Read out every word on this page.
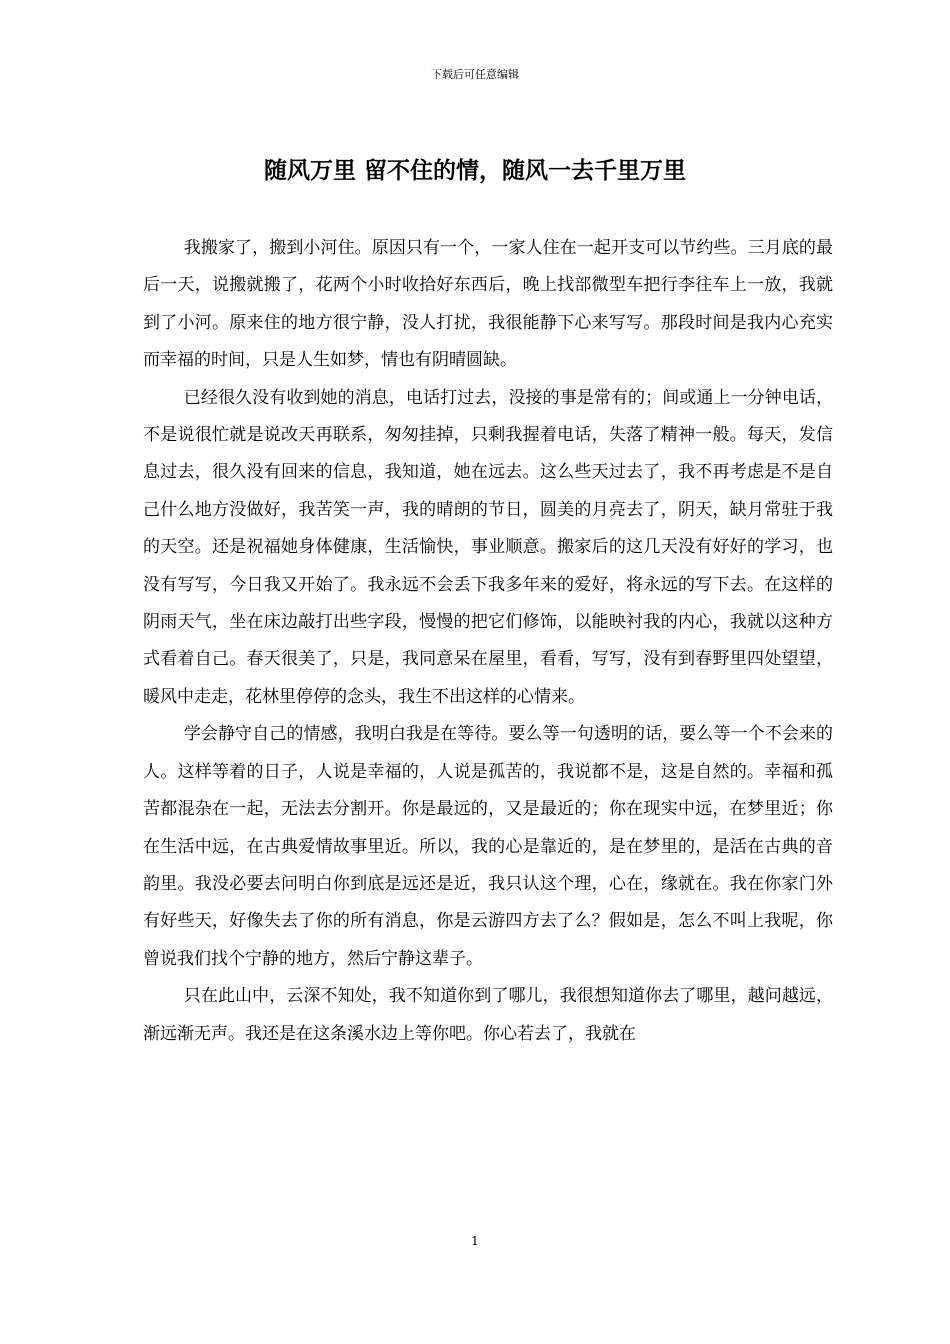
下载后可任意编辑
随风万里 留不住的情，随风一去千里万里

我搬家了，搬到小河住。原因只有一个，一家人住在一起开支可以节约些。三月底的最后一天，说搬就搬了，花两个小时收拾好东西后，晚上找部微型车把行李往车上一放，我就到了小河。原来住的地方很宁静，没人打扰，我很能静下心来写写。那段时间是我内心充实而幸福的时间，只是人生如梦，情也有阴晴圆缺。

已经很久没有收到她的消息，电话打过去，没接的事是常有的；间或通上一分钟电话，不是说很忙就是说改天再联系，匆匆挂掉，只剩我握着电话，失落了精神一般。每天，发信息过去，很久没有回来的信息，我知道，她在远去。这么些天过去了，我不再考虑是不是自己什么地方没做好，我苦笑一声，我的晴朗的节日，圆美的月亮去了，阴天，缺月常驻于我的天空。还是祝福她身体健康，生活愉快，事业顺意。搬家后的这几天没有好好的学习，也没有写写，今日我又开始了。我永远不会丢下我多年来的爱好，将永远的写下去。在这样的阴雨天气，坐在床边敲打出些字段，慢慢的把它们修饰，以能映衬我的内心，我就以这种方式看着自己。春天很美了，只是，我同意呆在屋里，看看，写写，没有到春野里四处望望，暖风中走走，花林里停停的念头，我生不出这样的心情来。

学会静守自己的情感，我明白我是在等待。要么等一句透明的话，要么等一个不会来的人。这样等着的日子，人说是幸福的，人说是孤苦的，我说都不是，这是自然的。幸福和孤苦都混杂在一起，无法去分割开。你是最远的，又是最近的；你在现实中远，在梦里近；你在生活中远，在古典爱情故事里近。所以，我的心是靠近的，是在梦里的，是活在古典的音韵里。我没必要去问明白你到底是远还是近，我只认这个理，心在，缘就在。我在你家门外有好些天，好像失去了你的所有消息，你是云游四方去了么？假如是，怎么不叫上我呢，你曾说我们找个宁静的地方，然后宁静这辈子。

只在此山中，云深不知处，我不知道你到了哪儿，我很想知道你去了哪里，越问越远，渐远渐无声。我还是在这条溪水边上等你吧。你心若去了，我就在

1
